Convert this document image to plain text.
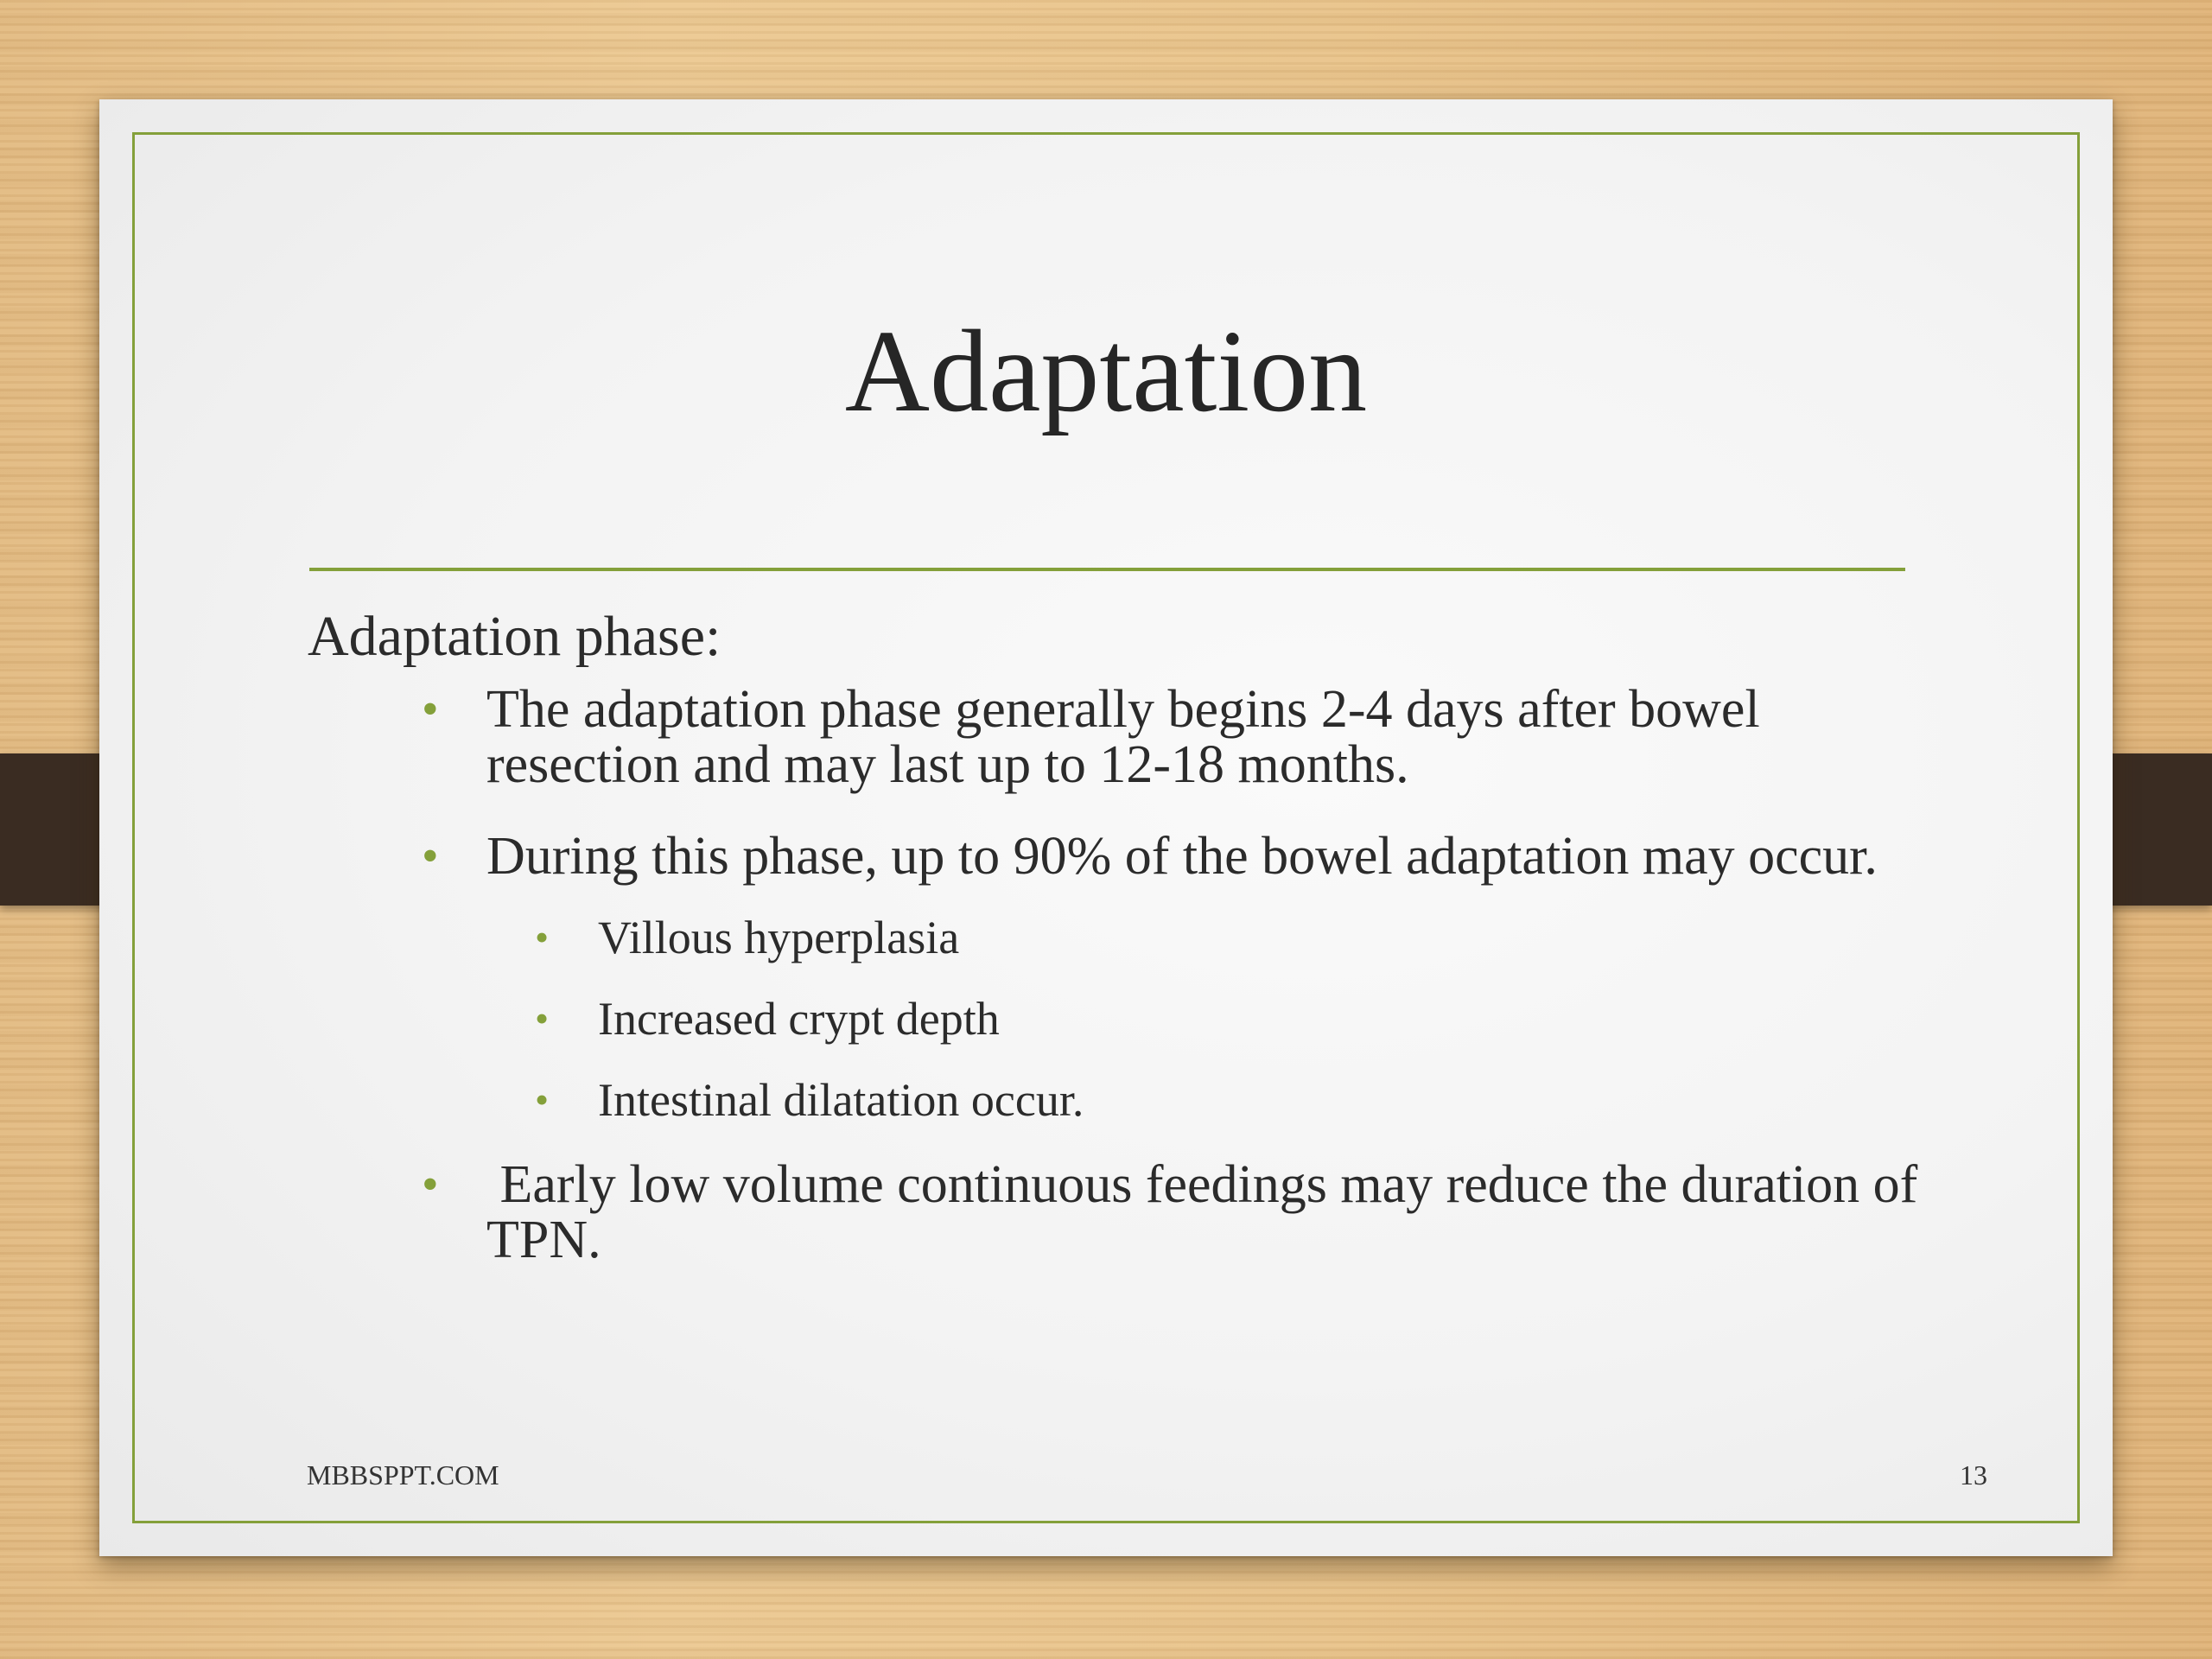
Adaptation
Adaptation phase:
• The adaptation phase generally begins 2-4 days after bowel resection and may last up to 12-18 months.
• During this phase, up to 90% of the bowel adaptation may occur.
• Villous hyperplasia
• Increased crypt depth
• Intestinal dilatation occur.
• Early low volume continuous feedings may reduce the duration of TPN.
MBBSPPT.COM	13
